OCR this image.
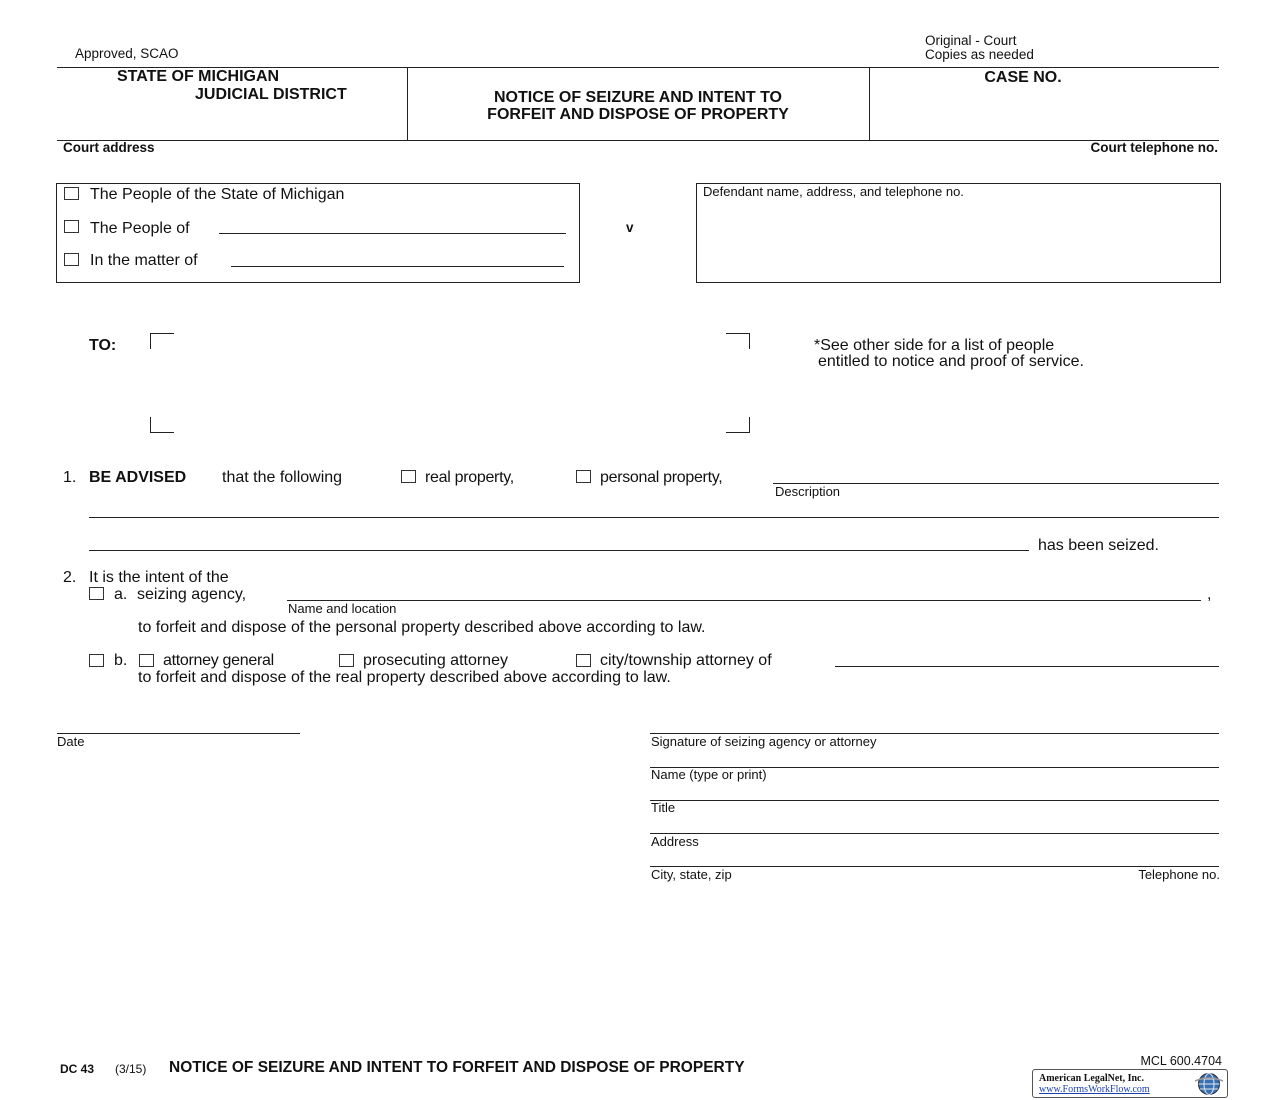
Approved, SCAO
Original - Court
Copies as needed
STATE OF MICHIGAN
JUDICIAL DISTRICT	NOTICE OF SEIZURE AND INTENT TO
FORFEIT AND DISPOSE OF PROPERTY
CASE NO.
Court address	Court telephone no.
The People of the State of Michigan
The People of
In the matter of
v
Defendant name, address, and telephone no.
TO:	*See other side for a list of people
entitled to notice and proof of service.
1. BE ADVISED that the following	real property,	personal property,
Description
has been seized.
2. It is the intent of the
a. seizing agency,	,
Name and location
to forfeit and dispose of the personal property described above according to law.
b. attorney general	prosecuting attorney	city/township attorney of
to forfeit and dispose of the real property described above according to law.
Date	Signature of seizing agency or attorney
Name (type or print)
Title
Address
City, state, zip	Telephone no.
DC 43 (3/15) NOTICE OF SEIZURE AND INTENT TO FORFEIT AND DISPOSE OF PROPERTY	MCL 600.4704
American LegalNet, Inc.
www.FormsWorkFlow.com
